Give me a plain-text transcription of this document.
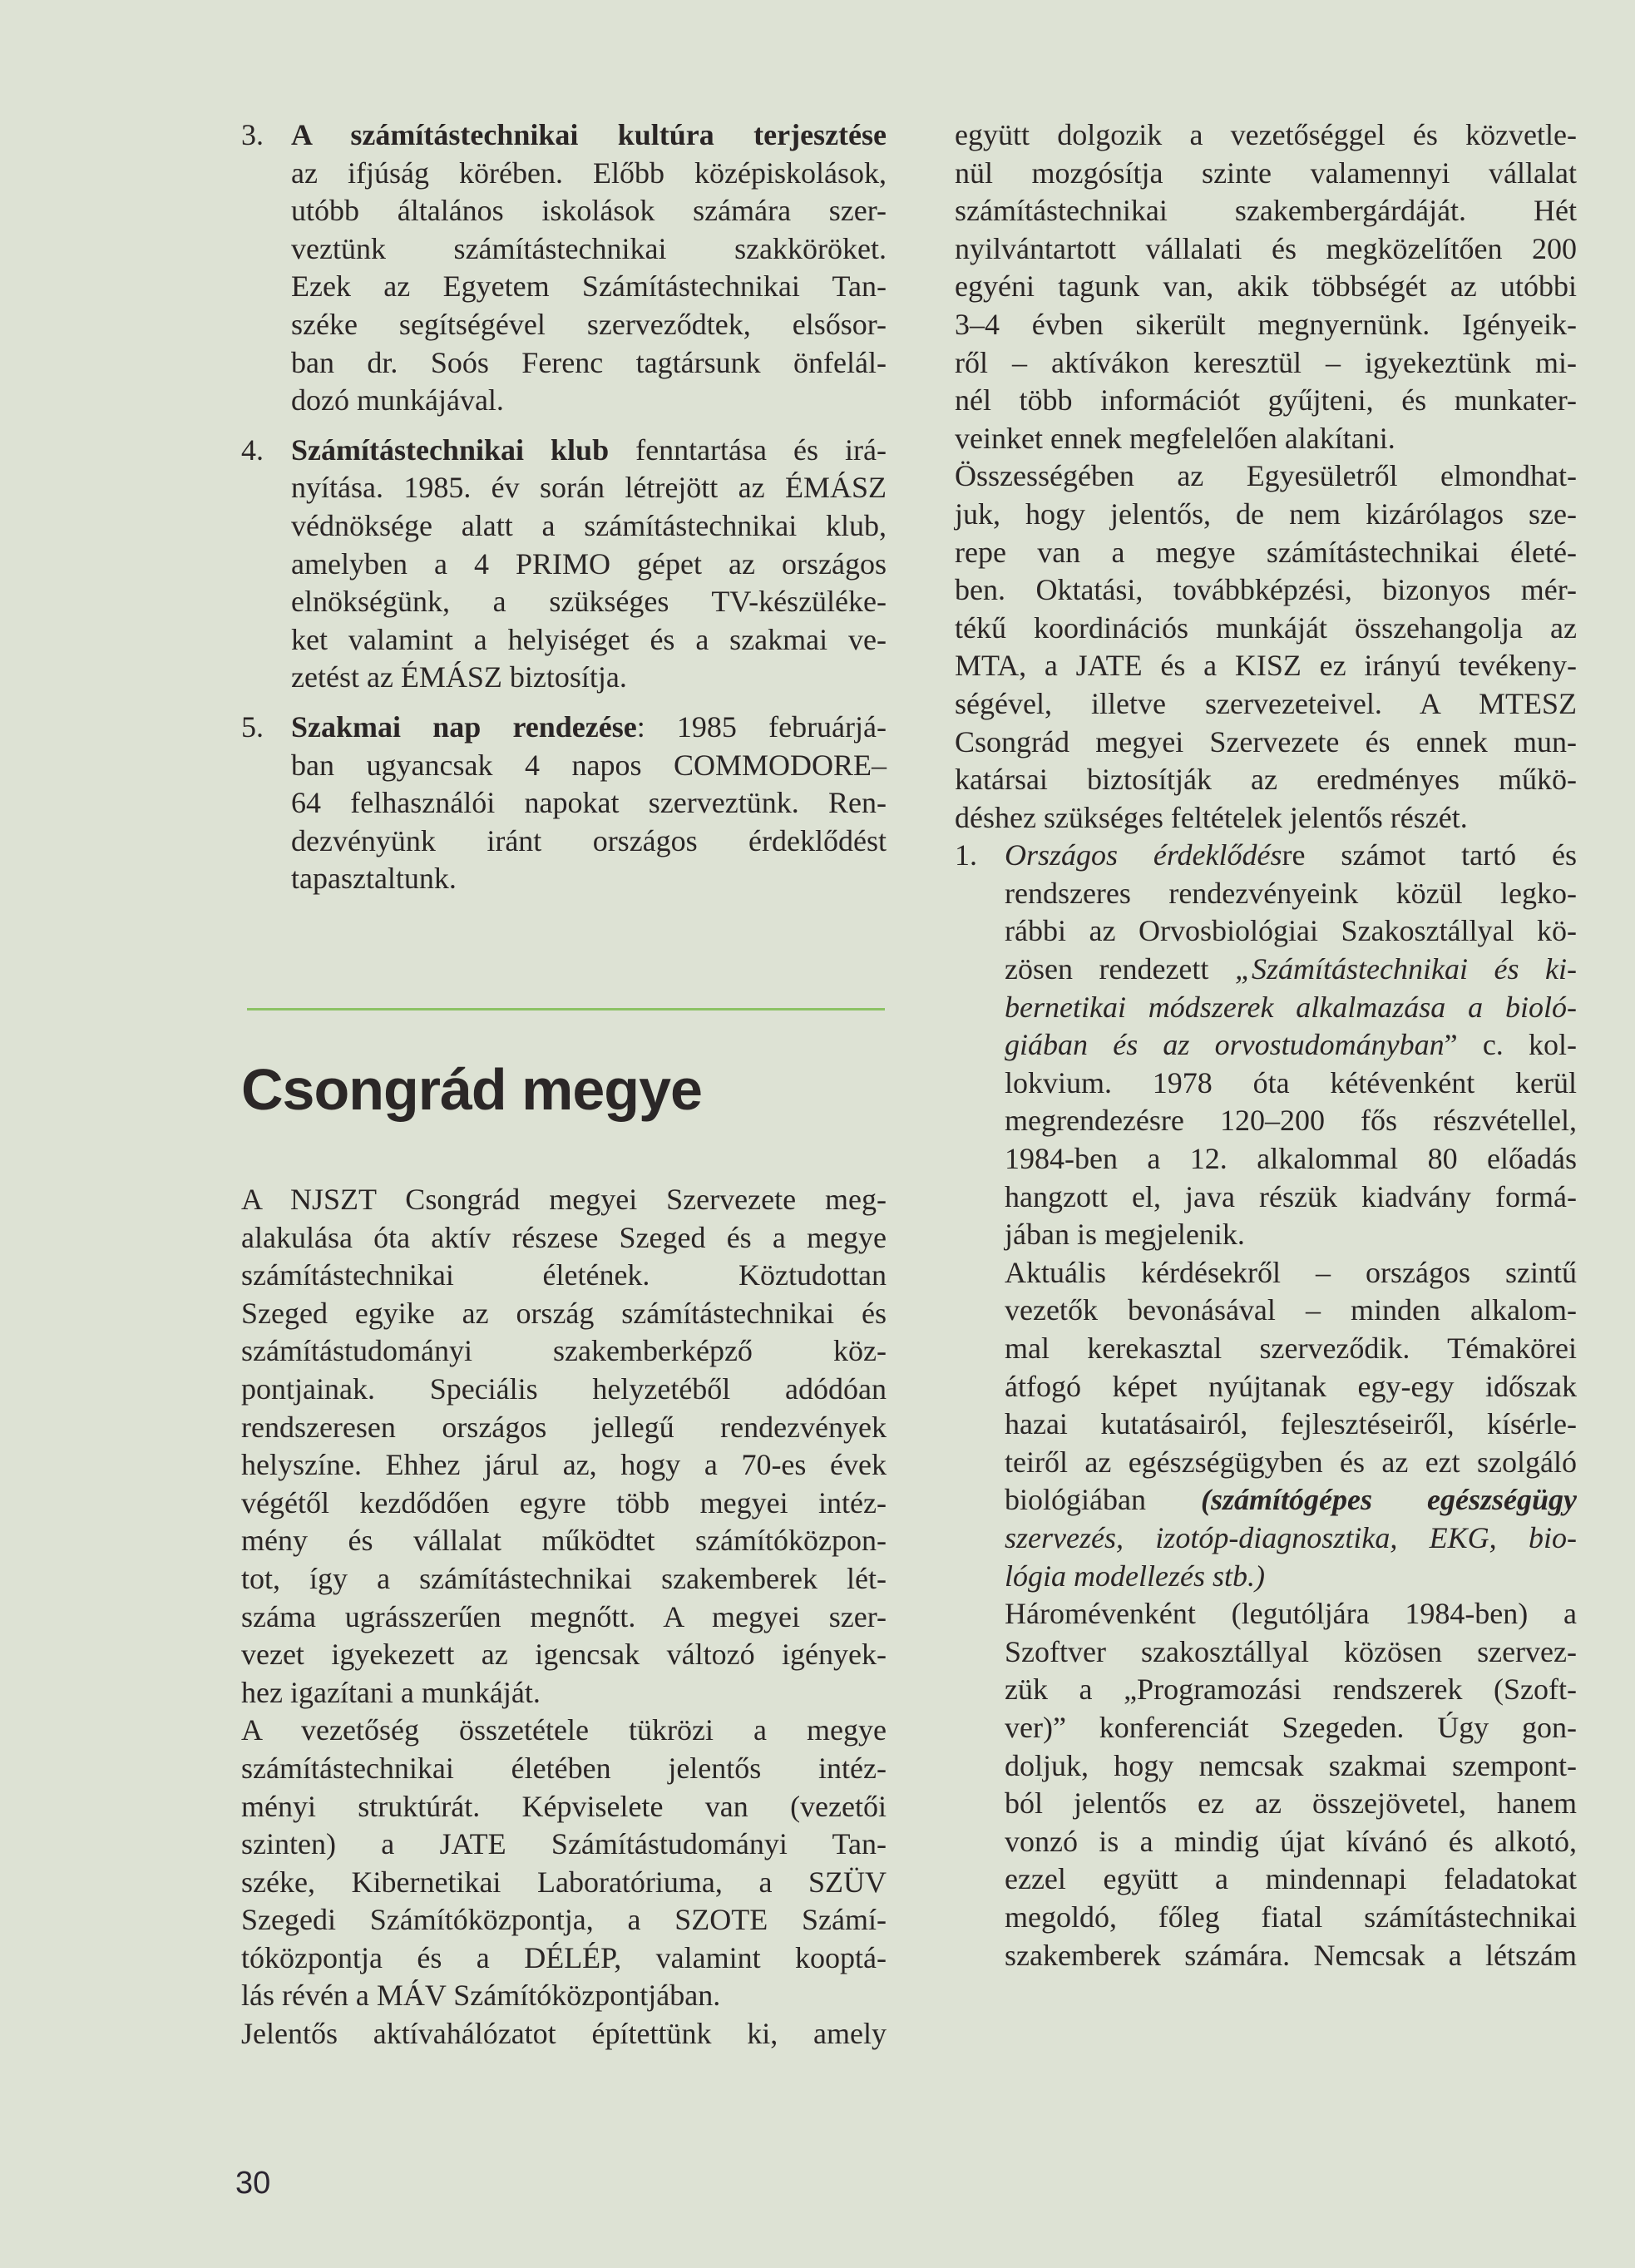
3. A számítástechnikai kultúra terjesztése
az ifjúság körében. Előbb középiskolások,
utóbb általános iskolások számára szer-
veztünk számítástechnikai szakköröket.
Ezek az Egyetem Számítástechnikai Tan-
széke segítségével szerveződtek, elsősor-
ban dr. Soós Ferenc tagtársunk önfelál-
dozó munkájával.
4. Számítástechnikai klub fenntartása és irá-
nyítása. 1985. év során létrejött az ÉMÁSZ
védnöksége alatt a számítástechnikai klub,
amelyben a 4 PRIMO gépet az országos
elnökségünk, a szükséges TV-készüléke-
ket valamint a helyiséget és a szakmai ve-
zetést az ÉMÁSZ biztosítja.
5. Szakmai nap rendezése: 1985 februárjá-
ban ugyancsak 4 napos COMMODORE–
64 felhasználói napokat szerveztünk. Ren-
dezvényünk iránt országos érdeklődést
tapasztaltunk.
Csongrád megye
A NJSZT Csongrád megyei Szervezete meg-
alakulása óta aktív részese Szeged és a megye
számítástechnikai életének. Köztudottan
Szeged egyike az ország számítástechnikai és
számítástudományi szakemberképző köz-
pontjainak. Speciális helyzetéből adódóan
rendszeresen országos jellegű rendezvények
helyszíne. Ehhez járul az, hogy a 70-es évek
végétől kezdődően egyre több megyei intéz-
mény és vállalat működtet számítóközpon-
tot, így a számítástechnikai szakemberek lét-
száma ugrásszerűen megnőtt. A megyei szer-
vezet igyekezett az igencsak változó igények-
hez igazítani a munkáját.
A vezetőség összetétele tükrözi a megye
számítástechnikai életében jelentős intéz-
ményi struktúrát. Képviselete van (vezetői
szinten) a JATE Számítástudományi Tan-
széke, Kibernetikai Laboratóriuma, a SZÜV
Szegedi Számítóközpontja, a SZOTE Számí-
tóközpontja és a DÉLÉP, valamint kooptá-
lás révén a MÁV Számítóközpontjában.
Jelentős aktívahálózatot építettünk ki, amely
együtt dolgozik a vezetőséggel és közvetle-
nül mozgósítja szinte valamennyi vállalat
számítástechnikai szakembergárdáját. Hét
nyilvántartott vállalati és megközelítően 200
egyéni tagunk van, akik többségét az utóbbi
3–4 évben sikerült megnyernünk. Igényeik-
ről – aktívákon keresztül – igyekeztünk mi-
nél több információt gyűjteni, és munkater-
veinket ennek megfelelően alakítani.
Összességében az Egyesületről elmondhat-
juk, hogy jelentős, de nem kizárólagos sze-
repe van a megye számítástechnikai életé-
ben. Oktatási, továbbképzési, bizonyos mér-
tékű koordinációs munkáját összehangolja az
MTA, a JATE és a KISZ ez irányú tevékeny-
ségével, illetve szervezeteivel. A MTESZ
Csongrád megyei Szervezete és ennek mun-
katársai biztosítják az eredményes műkö-
déshez szükséges feltételek jelentős részét.
1. Országos érdeklődésre számot tartó és
rendszeres rendezvényeink közül legko-
rábbi az Orvosbiológiai Szakosztállyal kö-
zösen rendezett „Számítástechnikai és ki-
bernetikai módszerek alkalmazása a bioló-
giában és az orvostudományban” c. kol-
lokvium. 1978 óta kétévenként kerül
megrendezésre 120–200 fős részvétellel,
1984-ben a 12. alkalommal 80 előadás
hangzott el, java részük kiadvány formá-
jában is megjelenik.
Aktuális kérdésekről – országos szintű
vezetők bevonásával – minden alkalom-
mal kerekasztal szerveződik. Témakörei
átfogó képet nyújtanak egy-egy időszak
hazai kutatásairól, fejlesztéseiről, kísérle-
teiről az egészségügyben és az ezt szolgáló
biológiában (számítógépes egészségügy
szervezés, izotóp-diagnosztika, EKG, bio-
lógia modellezés stb.)
Háromévenként (legutóljára 1984-ben) a
Szoftver szakosztállyal közösen szervez-
zük a „Programozási rendszerek (Szoft-
ver)” konferenciát Szegeden. Úgy gon-
doljuk, hogy nemcsak szakmai szempont-
ból jelentős ez az összejövetel, hanem
vonzó is a mindig újat kívánó és alkotó,
ezzel együtt a mindennapi feladatokat
megoldó, főleg fiatal számítástechnikai
szakemberek számára. Nemcsak a létszám
30
